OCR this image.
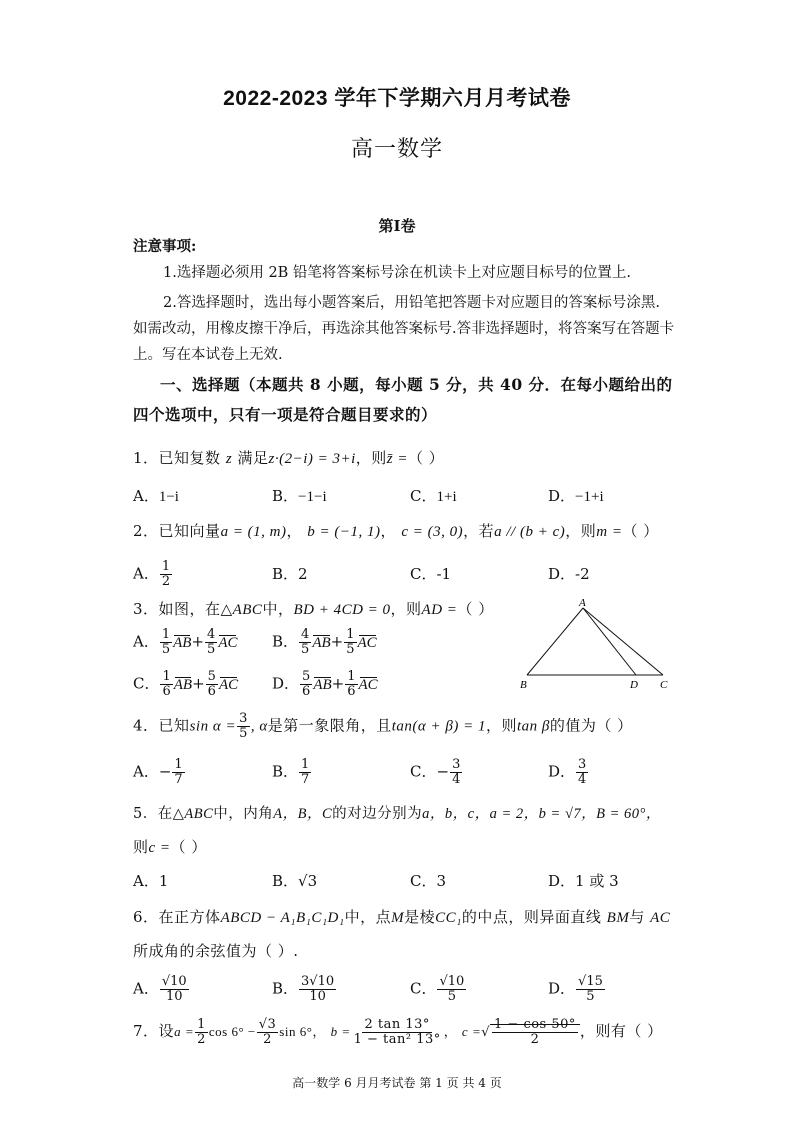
2022-2023 学年下学期六月月考试卷
高一数学
第Ⅰ卷
注意事项:
1.选择题必须用 2B 铅笔将答案标号涂在机读卡上对应题目标号的位置上.
2.答选择题时，选出每小题答案后，用铅笔把答题卡对应题目的答案标号涂黑.
如需改动，用橡皮擦干净后，再选涂其他答案标号.答非选择题时，将答案写在答题卡
上。写在本试卷上无效.
一、选择题（本题共 8 小题，每小题 5 分，共 40 分．在每小题给出的
四个选项中，只有一项是符合题目要求的）
1．已知复数 z 满足z·(2−i) = 3+i，则z̄ =（ ）
A．1−i	B．−1−i	C．1+i	D．−1+i
2．已知向量a = (1, m)， b = (−1, 1)， c = (3, 0)，若a // (b + c)，则m =（ ）
A． $\frac{1}{2}$	B．2	C．-1	D．-2
3．如图，在△ABC中，BD + 4CD = 0，则AD =（ ）
A． $\frac{1}{5} AB+ \frac{4}{5}$ AC B． $\frac{4}{5} AB+ \frac{1}{5}$ AC
C． $\frac{1}{6} AB+ \frac{5}{6}$ AC D． $\frac{5}{6} AB+ \frac{1}{6}$ AC
A
B	D C
4．已知$\sin \alpha = \frac{3}{5}$ , α是第一象限角，且tan(α + β) = 1，则tan β的值为（ ）
A．− $\frac{1}{7}$	B． $\frac{1}{7}$	C．− $\frac{3}{4}$	D． $\frac{3}{4}$
5．在△ABC中，内角A，B，C的对边分别为a，b，c，a = 2，b = √7，B = 60°，
则c =（ ）
A．1	B．√3	C．3	D．1 或 3
6．在正方体ABCD − A₁B₁C₁D₁中，点M是棱CC₁的中点，则异面直线 BM与 AC
所成角的余弦值为（ ）.
A． $\frac{√10}{10}$	B． $\frac{3√10}{10}$	C． $\frac{√10}{5}$	D． $\frac{√15}{5}$
7．设$a = \frac{1}{2}$ $\cos 6^\circ - \frac{√3}{2}$ sin 6°， $b = \frac{2 \tan 13^\circ}{\text{1 − tan² 13°}}$ ， c =√ $\frac{1 - \cos 50^\circ}{2}$ ，则有（ ）
高一数学 6 月月考试卷 第 1 页 共 4 页
